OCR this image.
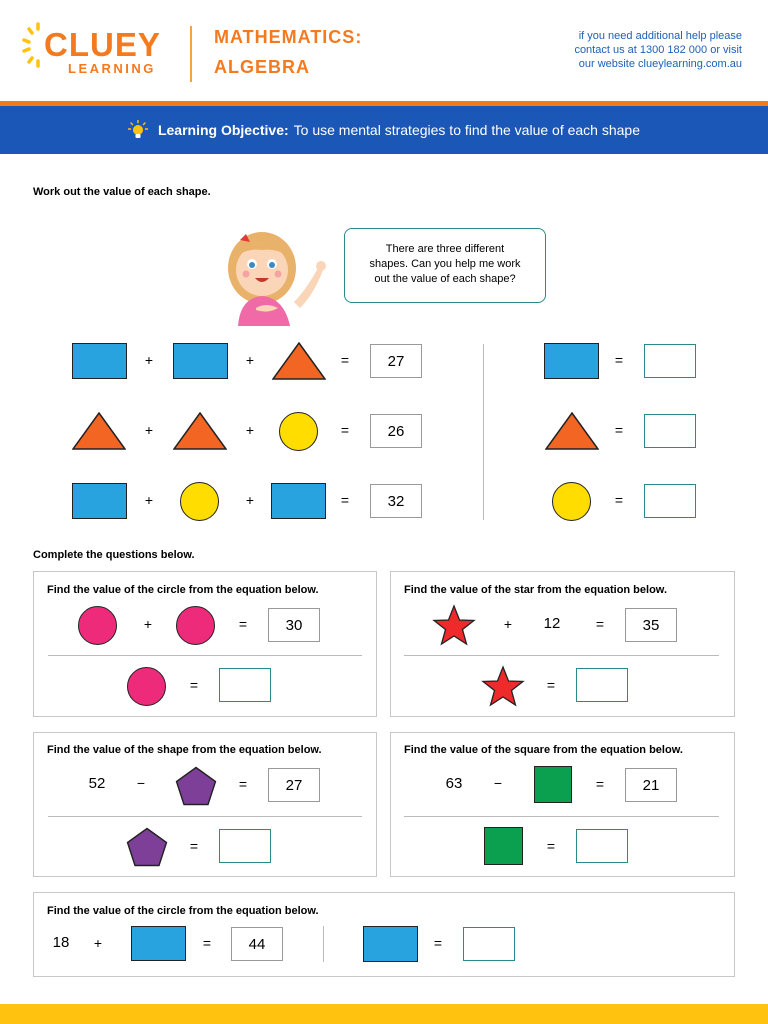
CLUEY
LEARNING
MATHEMATICS:
ALGEBRA
if you need additional help please
contact us at 1300 182 000 or visit
our website clueylearning.com.au
Learning Objective: To use mental strategies to find the value of each shape
Work out the value of each shape.
There are three different
shapes. Can you help me work
out the value of each shape?
+	+	=	27
+	+	=	26
+	+	=	32
=
=
=
Complete the questions below.
Find the value of the circle from the equation below.
+	=	30
=
Find the value of the star from the equation below.
+	12	=	35
=
Find the value of the shape from the equation below.
52	−	=	27
=
Find the value of the square from the equation below.
63	−	=	21
=
Find the value of the circle from the equation below.
18	+	=	44	=
